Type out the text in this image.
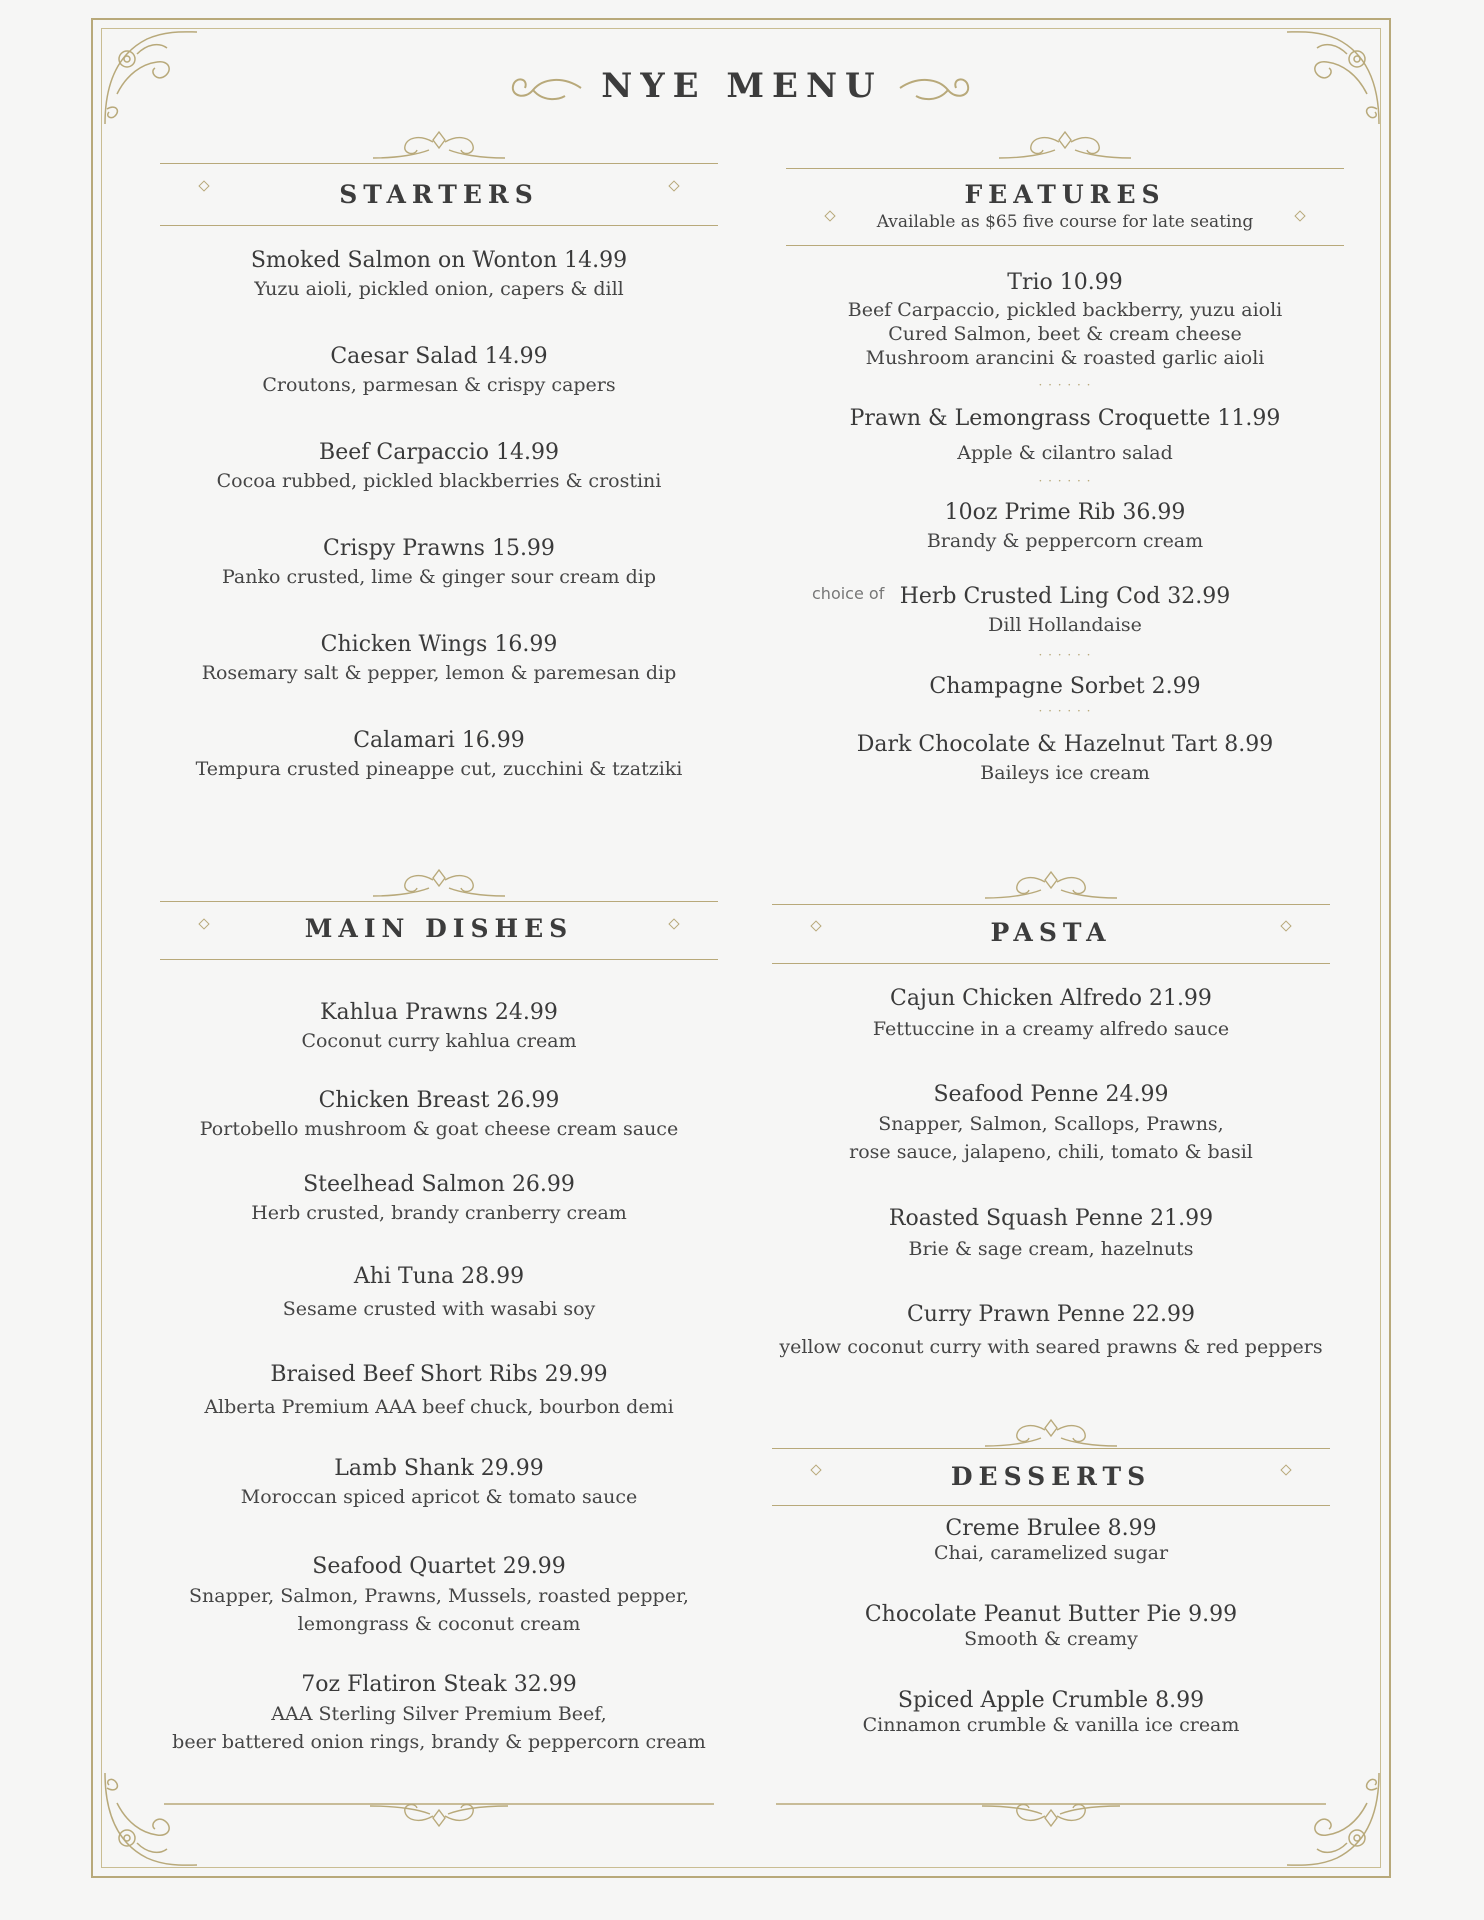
NYE MENU
STARTERS
Smoked Salmon on Wonton 14.99
Yuzu aioli, pickled onion, capers & dill
Caesar Salad 14.99
Croutons, parmesan & crispy capers
Beef Carpaccio 14.99
Cocoa rubbed, pickled blackberries & crostini
Crispy Prawns 15.99
Panko crusted, lime & ginger sour cream dip
Chicken Wings 16.99
Rosemary salt & pepper, lemon & paremesan dip
Calamari 16.99
Tempura crusted pineappe cut, zucchini & tzatziki
FEATURES
Available as $65 five course for late seating
Trio 10.99
Beef Carpaccio, pickled backberry, yuzu aioli
Cured Salmon, beet & cream cheese
Mushroom arancini & roasted garlic aioli
· · · · · ·
Prawn & Lemongrass Croquette 11.99
Apple & cilantro salad
· · · · · ·
10oz Prime Rib 36.99
Brandy & peppercorn cream
Herb Crusted Ling Cod 32.99
Dill Hollandaise
· · · · · ·
Champagne Sorbet 2.99
· · · · · ·
Dark Chocolate & Hazelnut Tart 8.99
Baileys ice cream
choice of
MAIN DISHES
Kahlua Prawns 24.99
Coconut curry kahlua cream
Chicken Breast 26.99
Portobello mushroom & goat cheese cream sauce
Steelhead Salmon 26.99
Herb crusted, brandy cranberry cream
Ahi Tuna 28.99
Sesame crusted with wasabi soy
Braised Beef Short Ribs 29.99
Alberta Premium AAA beef chuck, bourbon demi
Lamb Shank 29.99
Moroccan spiced apricot & tomato sauce
Seafood Quartet 29.99
Snapper, Salmon, Prawns, Mussels, roasted pepper,
lemongrass & coconut cream
7oz Flatiron Steak 32.99
AAA Sterling Silver Premium Beef,
beer battered onion rings, brandy & peppercorn cream
PASTA
Cajun Chicken Alfredo 21.99
Fettuccine in a creamy alfredo sauce
Seafood Penne 24.99
Snapper, Salmon, Scallops, Prawns,
rose sauce, jalapeno, chili, tomato & basil
Roasted Squash Penne 21.99
Brie & sage cream, hazelnuts
Curry Prawn Penne 22.99
yellow coconut curry with seared prawns & red peppers
DESSERTS
Creme Brulee 8.99
Chai, caramelized sugar
Chocolate Peanut Butter Pie 9.99
Smooth & creamy
Spiced Apple Crumble 8.99
Cinnamon crumble & vanilla ice cream
